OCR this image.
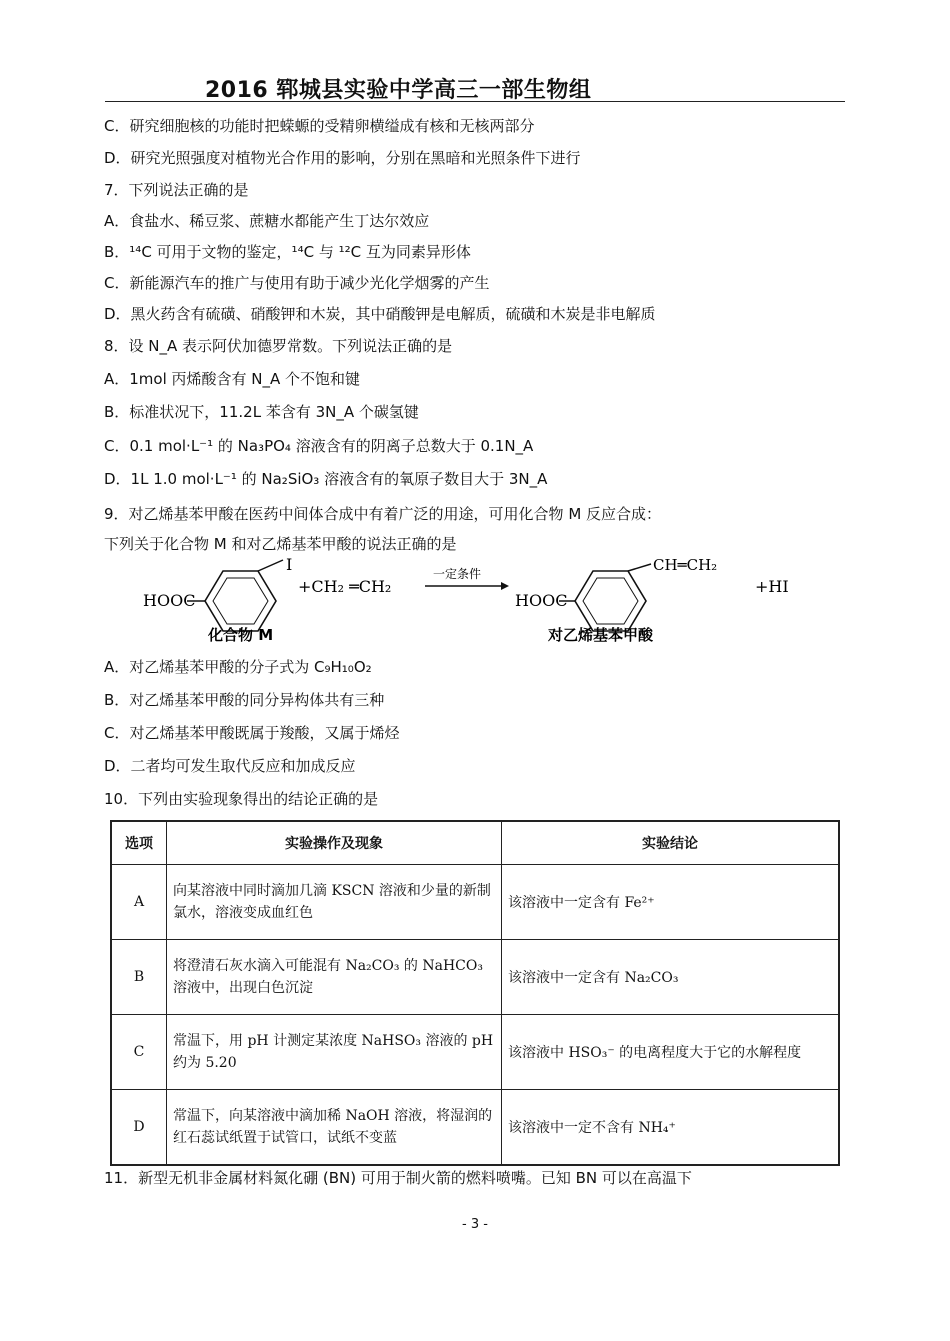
2016 郓城县实验中学高三一部生物组
C．研究细胞核的功能时把蝾螈的受精卵横缢成有核和无核两部分
D．研究光照强度对植物光合作用的影响，分别在黑暗和光照条件下进行
7．下列说法正确的是
A．食盐水、稀豆浆、蔗糖水都能产生丁达尔效应
B．¹⁴C 可用于文物的鉴定，¹⁴C 与 ¹²C 互为同素异形体
C．新能源汽车的推广与使用有助于减少光化学烟雾的产生
D．黑火药含有硫磺、硝酸钾和木炭，其中硝酸钾是电解质，硫磺和木炭是非电解质
8．设 N_A 表示阿伏加德罗常数。下列说法正确的是
A．1mol 丙烯酸含有 N_A 个不饱和键
B．标准状况下，11.2L 苯含有 3N_A 个碳氢键
C．0.1 mol·L⁻¹ 的 Na₃PO₄ 溶液含有的阴离子总数大于 0.1N_A
D．1L 1.0 mol·L⁻¹ 的 Na₂SiO₃ 溶液含有的氧原子数目大于 3N_A
9．对乙烯基苯甲酸在医药中间体合成中有着广泛的用途，可用化合物 M 反应合成：
下列关于化合物 M 和对乙烯基苯甲酸的说法正确的是
HOOC
I
+CH₂ ═CH₂
化合物 M
一定条件
HOOC
CH═CH₂
+HI
对乙烯基苯甲酸
A．对乙烯基苯甲酸的分子式为 C₉H₁₀O₂
B．对乙烯基苯甲酸的同分异构体共有三种
C．对乙烯基苯甲酸既属于羧酸，又属于烯烃
D．二者均可发生取代反应和加成反应
10．下列由实验现象得出的结论正确的是
选项	实验操作及现象	实验结论
A	向某溶液中同时滴加几滴 KSCN 溶液和少量的新制氯水，溶液变成血红色	该溶液中一定含有 Fe²⁺
B	将澄清石灰水滴入可能混有 Na₂CO₃ 的 NaHCO₃ 溶液中，出现白色沉淀	该溶液中一定含有 Na₂CO₃
C	常温下，用 pH 计测定某浓度 NaHSO₃ 溶液的 pH 约为 5.20	该溶液中 HSO₃⁻ 的电离程度大于它的水解程度
D	常温下，向某溶液中滴加稀 NaOH 溶液，将湿润的红石蕊试纸置于试管口，试纸不变蓝	该溶液中一定不含有 NH₄⁺
11．新型无机非金属材料氮化硼 (BN) 可用于制火箭的燃料喷嘴。已知 BN 可以在高温下
- 3 -
